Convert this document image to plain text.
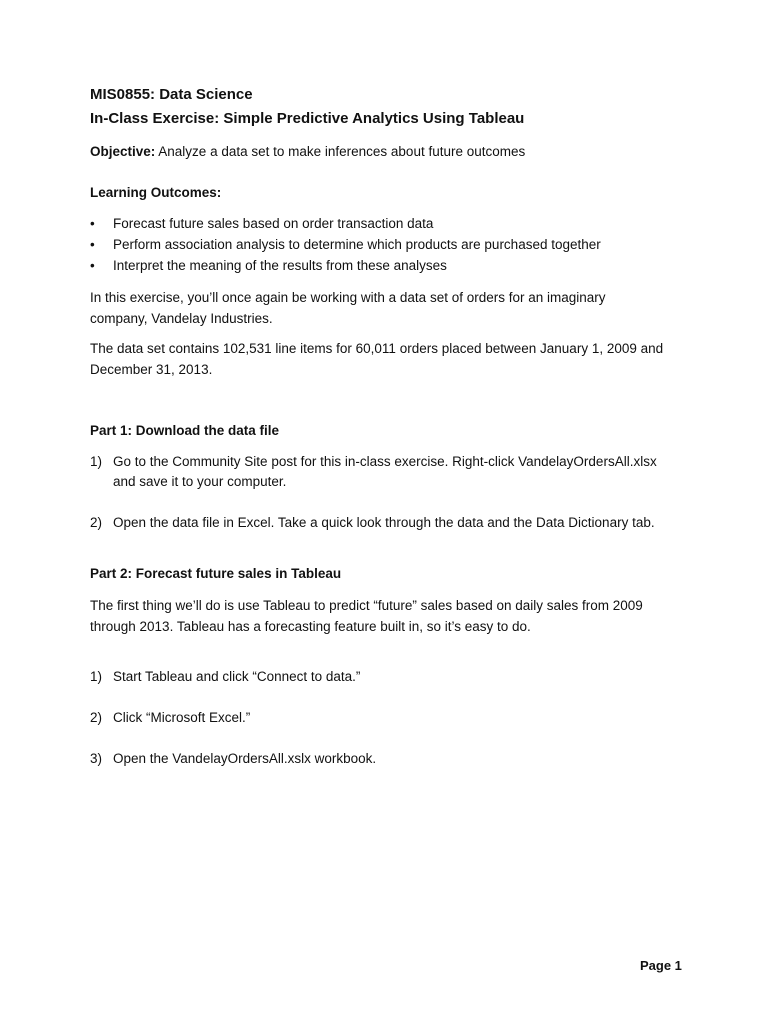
MIS0855: Data Science
In-Class Exercise: Simple Predictive Analytics Using Tableau
Objective: Analyze a data set to make inferences about future outcomes
Learning Outcomes:
•	Forecast future sales based on order transaction data
•	Perform association analysis to determine which products are purchased together
•	Interpret the meaning of the results from these analyses
In this exercise, you’ll once again be working with a data set of orders for an imaginary
company, Vandelay Industries.
The data set contains 102,531 line items for 60,011 orders placed between January 1, 2009 and
December 31, 2013.
Part 1: Download the data file
1) Go to the Community Site post for this in-class exercise. Right-click VandelayOrdersAll.xlsx
and save it to your computer.
2) Open the data file in Excel. Take a quick look through the data and the Data Dictionary tab.
Part 2: Forecast future sales in Tableau
The first thing we’ll do is use Tableau to predict “future” sales based on daily sales from 2009
through 2013. Tableau has a forecasting feature built in, so it’s easy to do.
1) Start Tableau and click “Connect to data.”
2) Click “Microsoft Excel.”
3) Open the VandelayOrdersAll.xslx workbook.
Page 1
